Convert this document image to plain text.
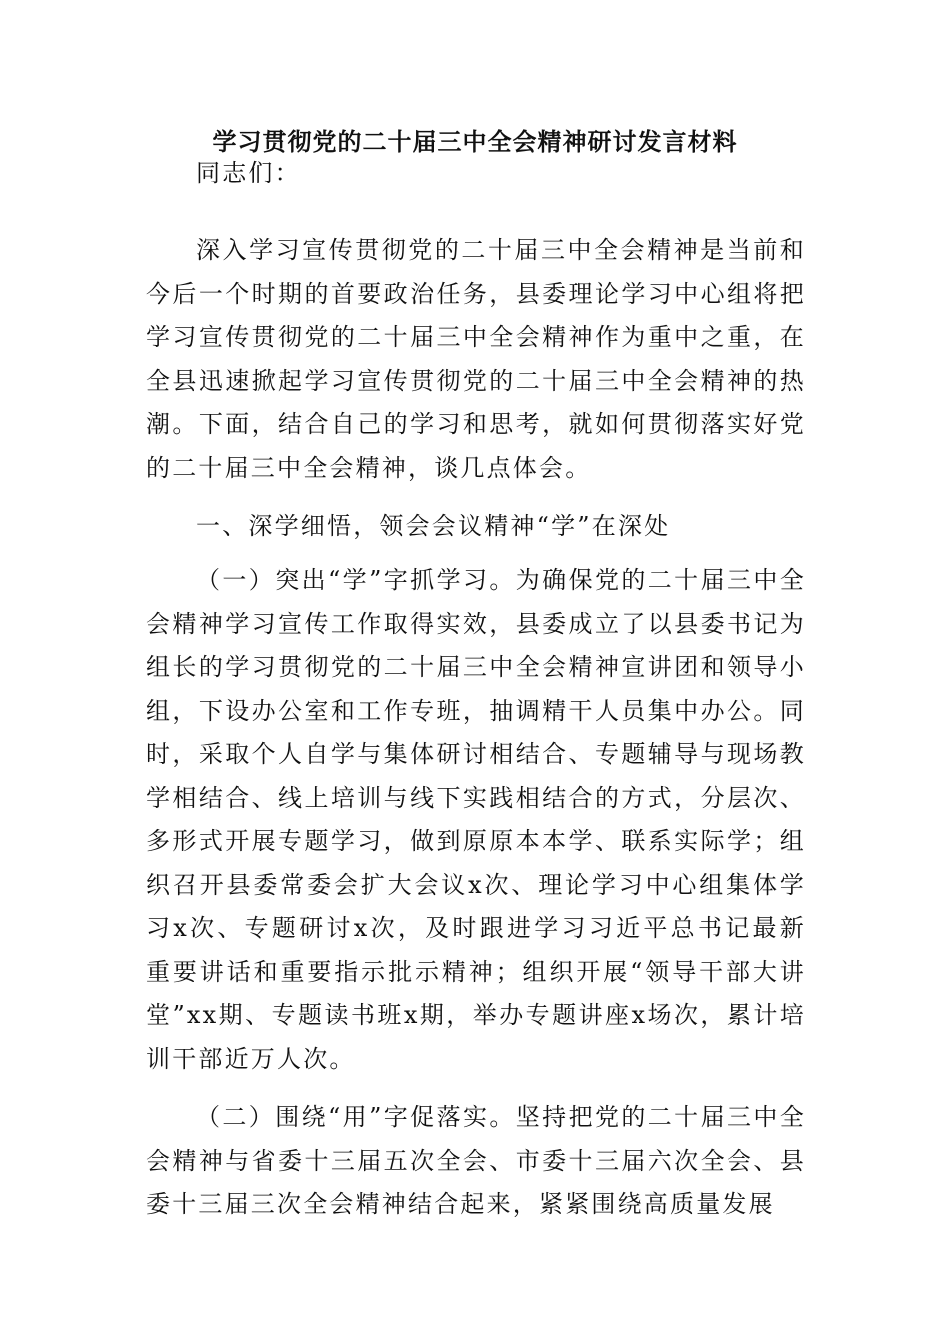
学习贯彻党的二十届三中全会精神研讨发言材料

同志们：

深入学习宣传贯彻党的二十届三中全会精神是当前和今后一个时期的首要政治任务，县委理论学习中心组将把学习宣传贯彻党的二十届三中全会精神作为重中之重，在全县迅速掀起学习宣传贯彻党的二十届三中全会精神的热潮。下面，结合自己的学习和思考，就如何贯彻落实好党的二十届三中全会精神，谈几点体会。

一、深学细悟，领会会议精神“学”在深处

（一）突出“学”字抓学习。为确保党的二十届三中全会精神学习宣传工作取得实效，县委成立了以县委书记为组长的学习贯彻党的二十届三中全会精神宣讲团和领导小组，下设办公室和工作专班，抽调精干人员集中办公。同时，采取个人自学与集体研讨相结合、专题辅导与现场教学相结合、线上培训与线下实践相结合的方式，分层次、多形式开展专题学习，做到原原本本学、联系实际学；组织召开县委常委会扩大会议x次、理论学习中心组集体学习x次、专题研讨x次，及时跟进学习习近平总书记最新重要讲话和重要指示批示精神；组织开展“领导干部大讲堂”xx期、专题读书班x期，举办专题讲座x场次，累计培训干部近万人次。

（二）围绕“用”字促落实。坚持把党的二十届三中全会精神与省委十三届五次全会、市委十三届六次全会、县委十三届三次全会精神结合起来，紧紧围绕高质量发展
